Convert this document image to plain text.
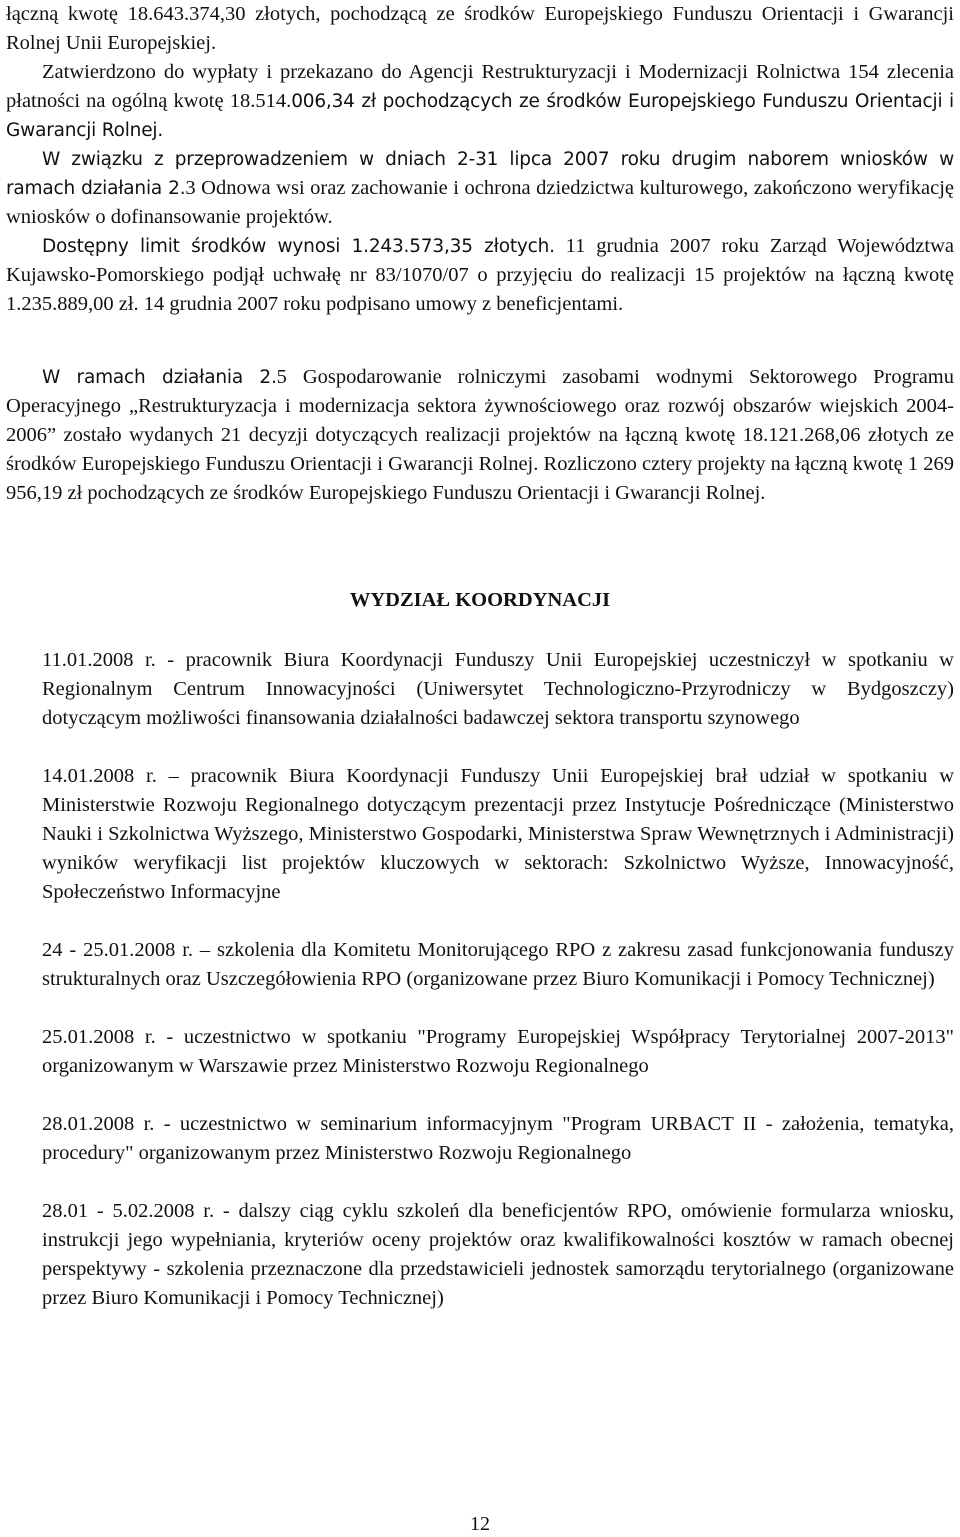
łączną kwotę 18.643.374,30 złotych, pochodzącą ze środków Europejskiego Funduszu Orientacji i Gwarancji Rolnej Unii Europejskiej.

Zatwierdzono do wypłaty i przekazano do Agencji Restrukturyzacji i Modernizacji Rolnictwa 154 zlecenia płatności na ogólną kwotę 18.514.006,34 zł pochodzących ze środków Europejskiego Funduszu Orientacji i Gwarancji Rolnej.

W związku z przeprowadzeniem w dniach 2-31 lipca 2007 roku drugim naborem wniosków w ramach działania 2.3 Odnowa wsi oraz zachowanie i ochrona dziedzictwa kulturowego, zakończono weryfikację wniosków o dofinansowanie projektów.

Dostępny limit środków wynosi 1.243.573,35 złotych. 11 grudnia 2007 roku Zarząd Województwa Kujawsko-Pomorskiego podjął uchwałę nr 83/1070/07 o przyjęciu do realizacji 15 projektów na łączną kwotę 1.235.889,00 zł. 14 grudnia 2007 roku podpisano umowy z beneficjentami.

W ramach działania 2.5 Gospodarowanie rolniczymi zasobami wodnymi Sektorowego Programu Operacyjnego „Restrukturyzacja i modernizacja sektora żywnościowego oraz rozwój obszarów wiejskich 2004-2006” zostało wydanych 21 decyzji dotyczących realizacji projektów na łączną kwotę 18.121.268,06 złotych ze środków Europejskiego Funduszu Orientacji i Gwarancji Rolnej. Rozliczono cztery projekty na łączną kwotę 1 269 956,19 zł pochodzących ze środków Europejskiego Funduszu Orientacji i Gwarancji Rolnej.

WYDZIAŁ KOORDYNACJI

11.01.2008 r. - pracownik Biura Koordynacji Funduszy Unii Europejskiej uczestniczył w spotkaniu w Regionalnym Centrum Innowacyjności (Uniwersytet Technologiczno-Przyrodniczy w Bydgoszczy) dotyczącym możliwości finansowania działalności badawczej sektora transportu szynowego

14.01.2008 r. – pracownik Biura Koordynacji Funduszy Unii Europejskiej brał udział w spotkaniu w Ministerstwie Rozwoju Regionalnego dotyczącym prezentacji przez Instytucje Pośredniczące (Ministerstwo Nauki i Szkolnictwa Wyższego, Ministerstwo Gospodarki, Ministerstwa Spraw Wewnętrznych i Administracji) wyników weryfikacji list projektów kluczowych w sektorach: Szkolnictwo Wyższe, Innowacyjność, Społeczeństwo Informacyjne

24 - 25.01.2008 r. – szkolenia dla Komitetu Monitorującego RPO z zakresu zasad funkcjonowania funduszy strukturalnych oraz Uszczegółowienia RPO (organizowane przez Biuro Komunikacji i Pomocy Technicznej)

25.01.2008 r. - uczestnictwo w spotkaniu "Programy Europejskiej Współpracy Terytorialnej 2007-2013" organizowanym w Warszawie przez Ministerstwo Rozwoju Regionalnego

28.01.2008 r. - uczestnictwo w seminarium informacyjnym "Program URBACT II - założenia, tematyka, procedury" organizowanym przez Ministerstwo Rozwoju Regionalnego

28.01 - 5.02.2008 r. - dalszy ciąg cyklu szkoleń dla beneficjentów RPO, omówienie formularza wniosku, instrukcji jego wypełniania, kryteriów oceny projektów oraz kwalifikowalności kosztów w ramach obecnej perspektywy - szkolenia przeznaczone dla przedstawicieli jednostek samorządu terytorialnego (organizowane przez Biuro Komunikacji i Pomocy Technicznej)

12
